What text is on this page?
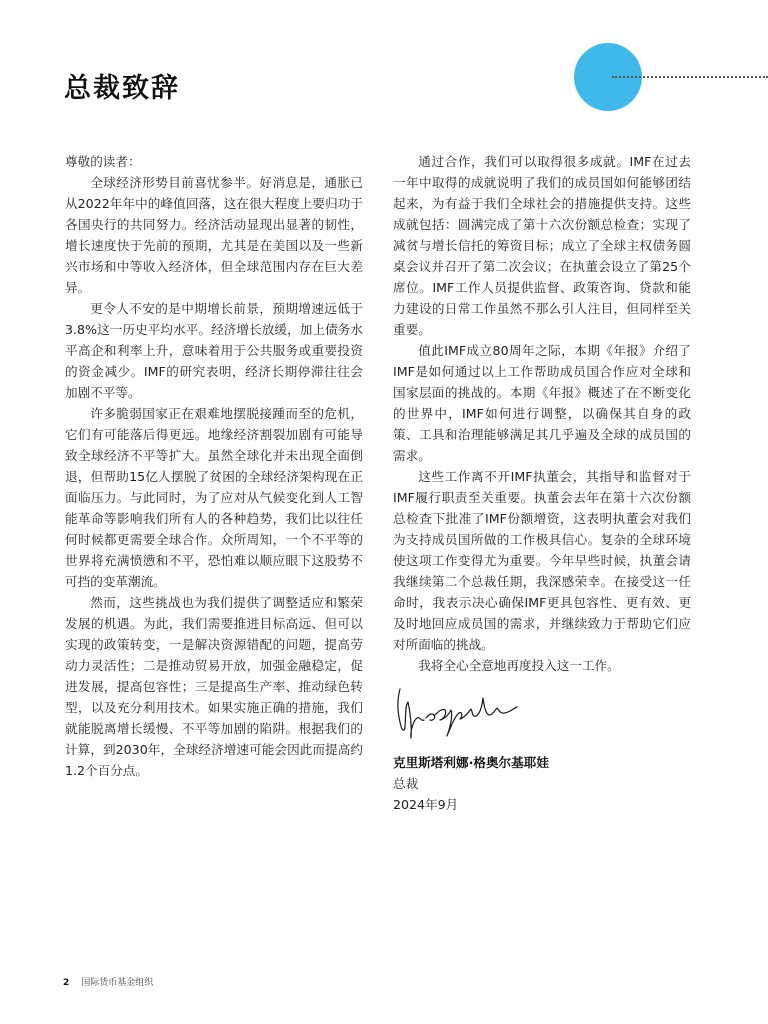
总裁致辞

尊敬的读者：

全球经济形势目前喜忧参半。好消息是，通胀已从2022年年中的峰值回落，这在很大程度上要归功于各国央行的共同努力。经济活动显现出显著的韧性，增长速度快于先前的预期，尤其是在美国以及一些新兴市场和中等收入经济体，但全球范围内存在巨大差异。

更令人不安的是中期增长前景，预期增速远低于3.8%这一历史平均水平。经济增长放缓，加上债务水平高企和利率上升，意味着用于公共服务或重要投资的资金减少。IMF的研究表明，经济长期停滞往往会加剧不平等。

许多脆弱国家正在艰难地摆脱接踵而至的危机，它们有可能落后得更远。地缘经济割裂加剧有可能导致全球经济不平等扩大。虽然全球化并未出现全面倒退，但帮助15亿人摆脱了贫困的全球经济架构现在正面临压力。与此同时，为了应对从气候变化到人工智能革命等影响我们所有人的各种趋势，我们比以往任何时候都更需要全球合作。众所周知，一个不平等的世界将充满愤懑和不平，恐怕难以顺应眼下这股势不可挡的变革潮流。

然而，这些挑战也为我们提供了调整适应和繁荣发展的机遇。为此，我们需要推进目标高远、但可以实现的政策转变，一是解决资源错配的问题，提高劳动力灵活性；二是推动贸易开放，加强金融稳定，促进发展，提高包容性；三是提高生产率、推动绿色转型，以及充分利用技术。如果实施正确的措施，我们就能脱离增长缓慢、不平等加剧的陷阱。根据我们的计算，到2030年，全球经济增速可能会因此而提高约1.2个百分点。

通过合作，我们可以取得很多成就。IMF在过去一年中取得的成就说明了我们的成员国如何能够团结起来，为有益于我们全球社会的措施提供支持。这些成就包括：圆满完成了第十六次份额总检查；实现了减贫与增长信托的筹资目标；成立了全球主权债务圆桌会议并召开了第二次会议；在执董会设立了第25个席位。IMF工作人员提供监督、政策咨询、贷款和能力建设的日常工作虽然不那么引人注目，但同样至关重要。

值此IMF成立80周年之际，本期《年报》介绍了IMF是如何通过以上工作帮助成员国合作应对全球和国家层面的挑战的。本期《年报》概述了在不断变化的世界中，IMF如何进行调整，以确保其自身的政策、工具和治理能够满足其几乎遍及全球的成员国的需求。

这些工作离不开IMF执董会，其指导和监督对于IMF履行职责至关重要。执董会去年在第十六次份额总检查下批准了IMF份额增资，这表明执董会对我们为支持成员国所做的工作极具信心。复杂的全球环境使这项工作变得尤为重要。今年早些时候，执董会请我继续第二个总裁任期，我深感荣幸。在接受这一任命时，我表示决心确保IMF更具包容性、更有效、更及时地回应成员国的需求，并继续致力于帮助它们应对所面临的挑战。

我将全心全意地再度投入这一工作。

克里斯塔利娜·格奥尔基耶娃
总裁
2024年9月
2 国际货币基金组织
